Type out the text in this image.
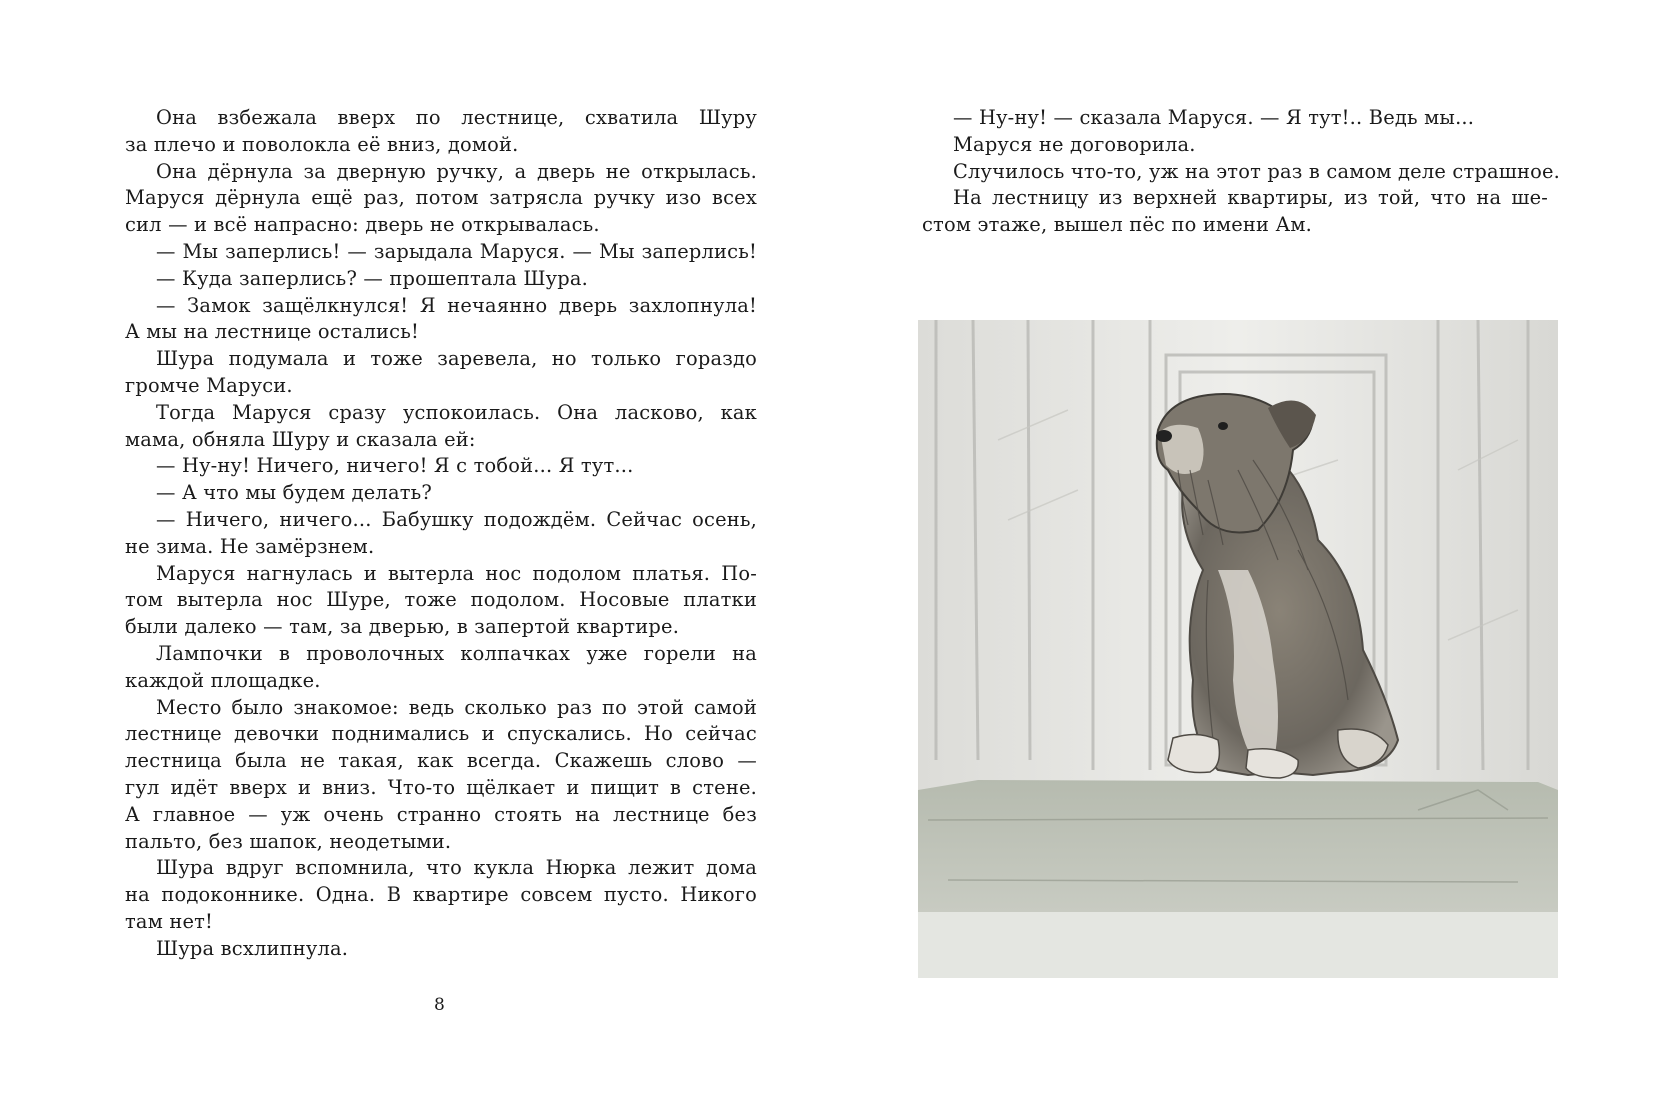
Она взбежала вверх по лестнице, схватила Шуру
за плечо и поволокла её вниз, домой.
Она дёрнула за дверную ручку, а дверь не открылась.
Маруся дёрнула ещё раз, потом затрясла ручку изо всех
сил — и всё напрасно: дверь не открывалась.
— Мы заперлись! — зарыдала Маруся. — Мы заперлись!
— Куда заперлись? — прошептала Шура.
— Замок защёлкнулся! Я нечаянно дверь захлопнула!
А мы на лестнице остались!
Шура подумала и тоже заревела, но только гораздо
громче Маруси.
Тогда Маруся сразу успокоилась. Она ласково, как
мама, обняла Шуру и сказала ей:
— Ну-ну! Ничего, ничего! Я с тобой... Я тут...
— А что мы будем делать?
— Ничего, ничего... Бабушку подождём. Сейчас осень,
не зима. Не замёрзнем.
Маруся нагнулась и вытерла нос подолом платья. По-
том вытерла нос Шуре, тоже подолом. Носовые платки
были далеко — там, за дверью, в запертой квартире.
Лампочки в проволочных колпачках уже горели на
каждой площадке.
Место было знакомое: ведь сколько раз по этой самой
лестнице девочки поднимались и спускались. Но сейчас
лестница была не такая, как всегда. Скажешь слово —
гул идёт вверх и вниз. Что-то щёлкает и пищит в стене.
А главное — уж очень странно стоять на лестнице без
пальто, без шапок, неодетыми.
Шура вдруг вспомнила, что кукла Нюрка лежит дома
на подоконнике. Одна. В квартире совсем пусто. Никого
там нет!
Шура всхлипнула.
8
— Ну-ну! — сказала Маруся. — Я тут!.. Ведь мы...
Маруся не договорила.
Случилось что-то, уж на этот раз в самом деле страшное.
На лестницу из верхней квартиры, из той, что на ше-
стом этаже, вышел пёс по имени Ам.
